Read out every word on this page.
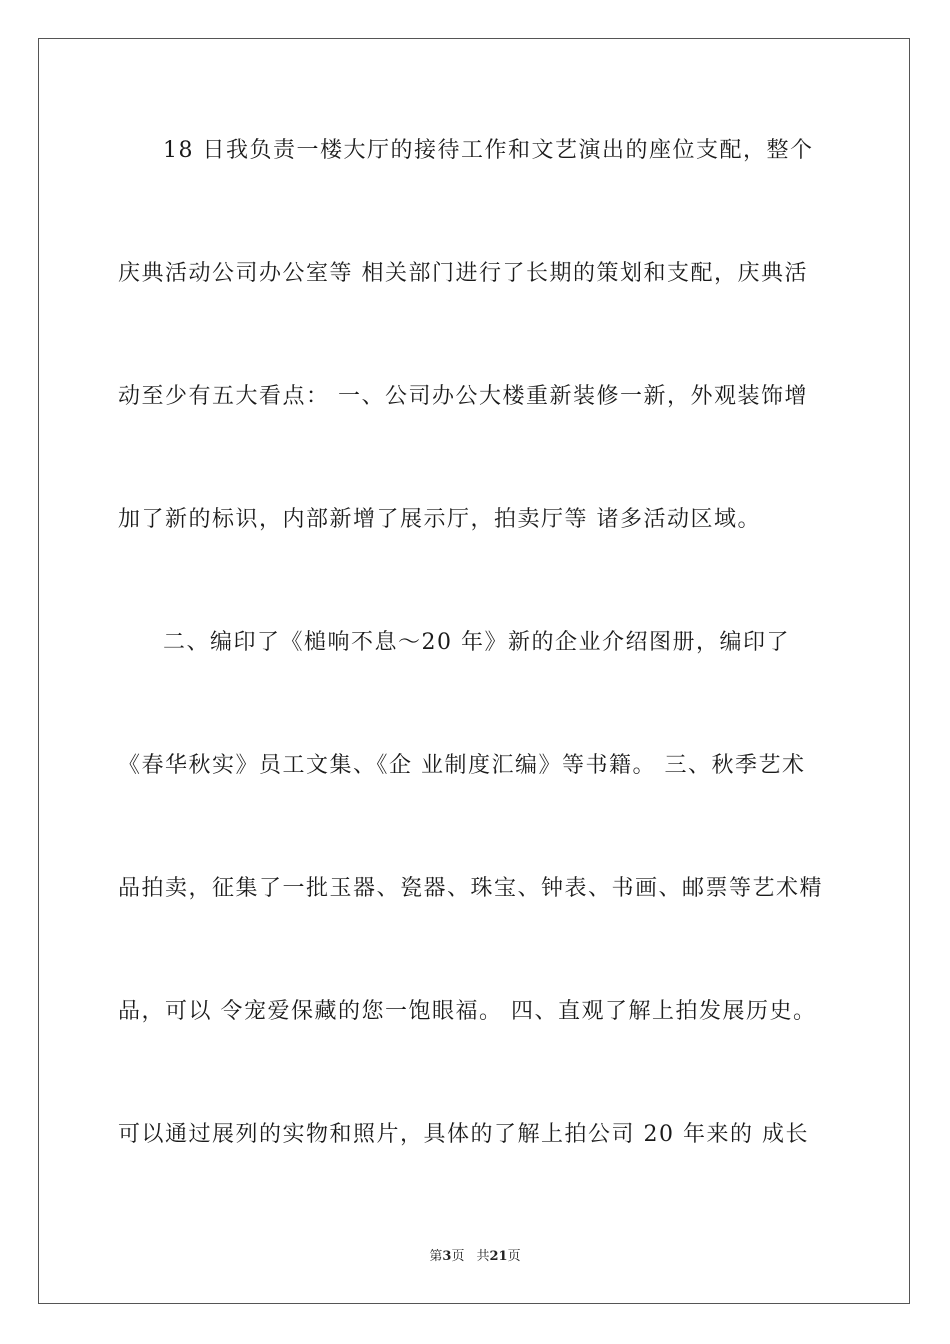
18 日我负责一楼大厅的接待工作和文艺演出的座位支配，整个
庆典活动公司办公室等 相关部门进行了长期的策划和支配，庆典活
动至少有五大看点： 一、公司办公大楼重新装修一新，外观装饰增
加了新的标识，内部新增了展示厅，拍卖厅等 诸多活动区域。
二、编印了《槌响不息～20 年》新的企业介绍图册，编印了
《春华秋实》员工文集、《企 业制度汇编》等书籍。 三、秋季艺术
品拍卖，征集了一批玉器、瓷器、珠宝、钟表、书画、邮票等艺术精
品，可以 令宠爱保藏的您一饱眼福。 四、直观了解上拍发展历史。
可以通过展列的实物和照片，具体的了解上拍公司 20 年来的 成长
第3页 共21页
